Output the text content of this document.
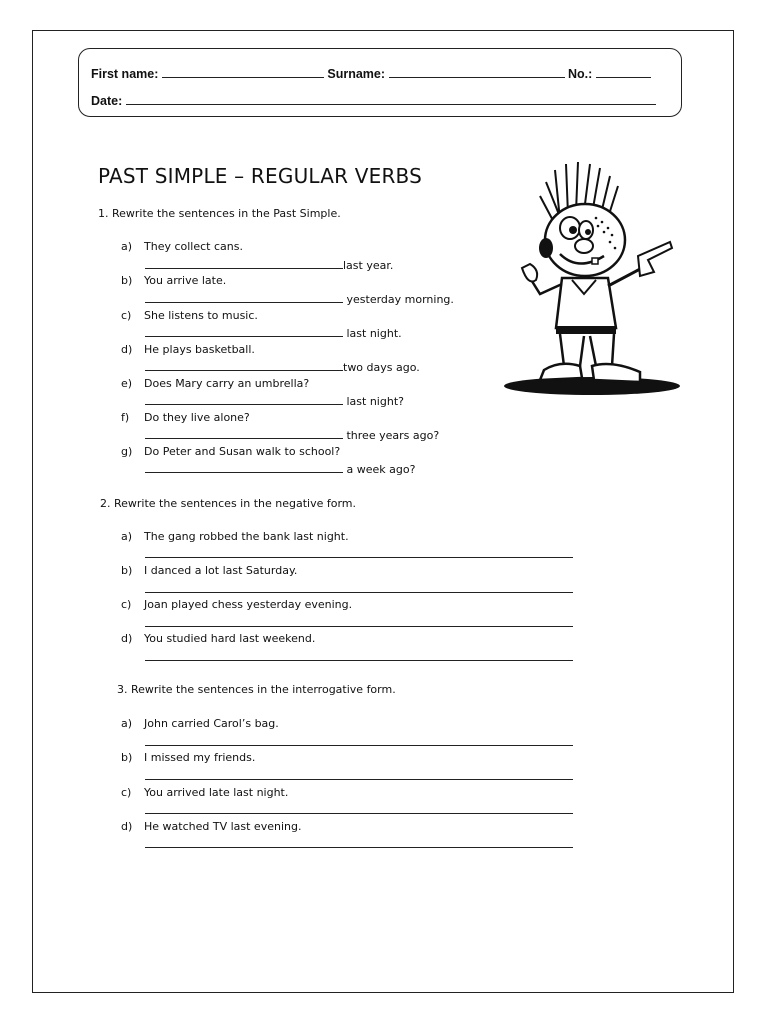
First name:	Surname:	No.:
Date:
PAST SIMPLE – REGULAR VERBS
1. Rewrite the sentences in the Past Simple.
a) They collect cans.
last year.
b) You arrive late.
yesterday morning.
c) She listens to music.
last night.
d) He plays basketball.
two days ago.
e) Does Mary carry an umbrella?
last night?
f) Do they live alone?
three years ago?
g) Do Peter and Susan walk to school?
a week ago?
2. Rewrite the sentences in the negative form.
a) The gang robbed the bank last night.
b) I danced a lot last Saturday.
c) Joan played chess yesterday evening.
d) You studied hard last weekend.
3. Rewrite the sentences in the interrogative form.
a) John carried Carol’s bag.
b) I missed my friends.
c) You arrived late last night.
d) He watched TV last evening.
